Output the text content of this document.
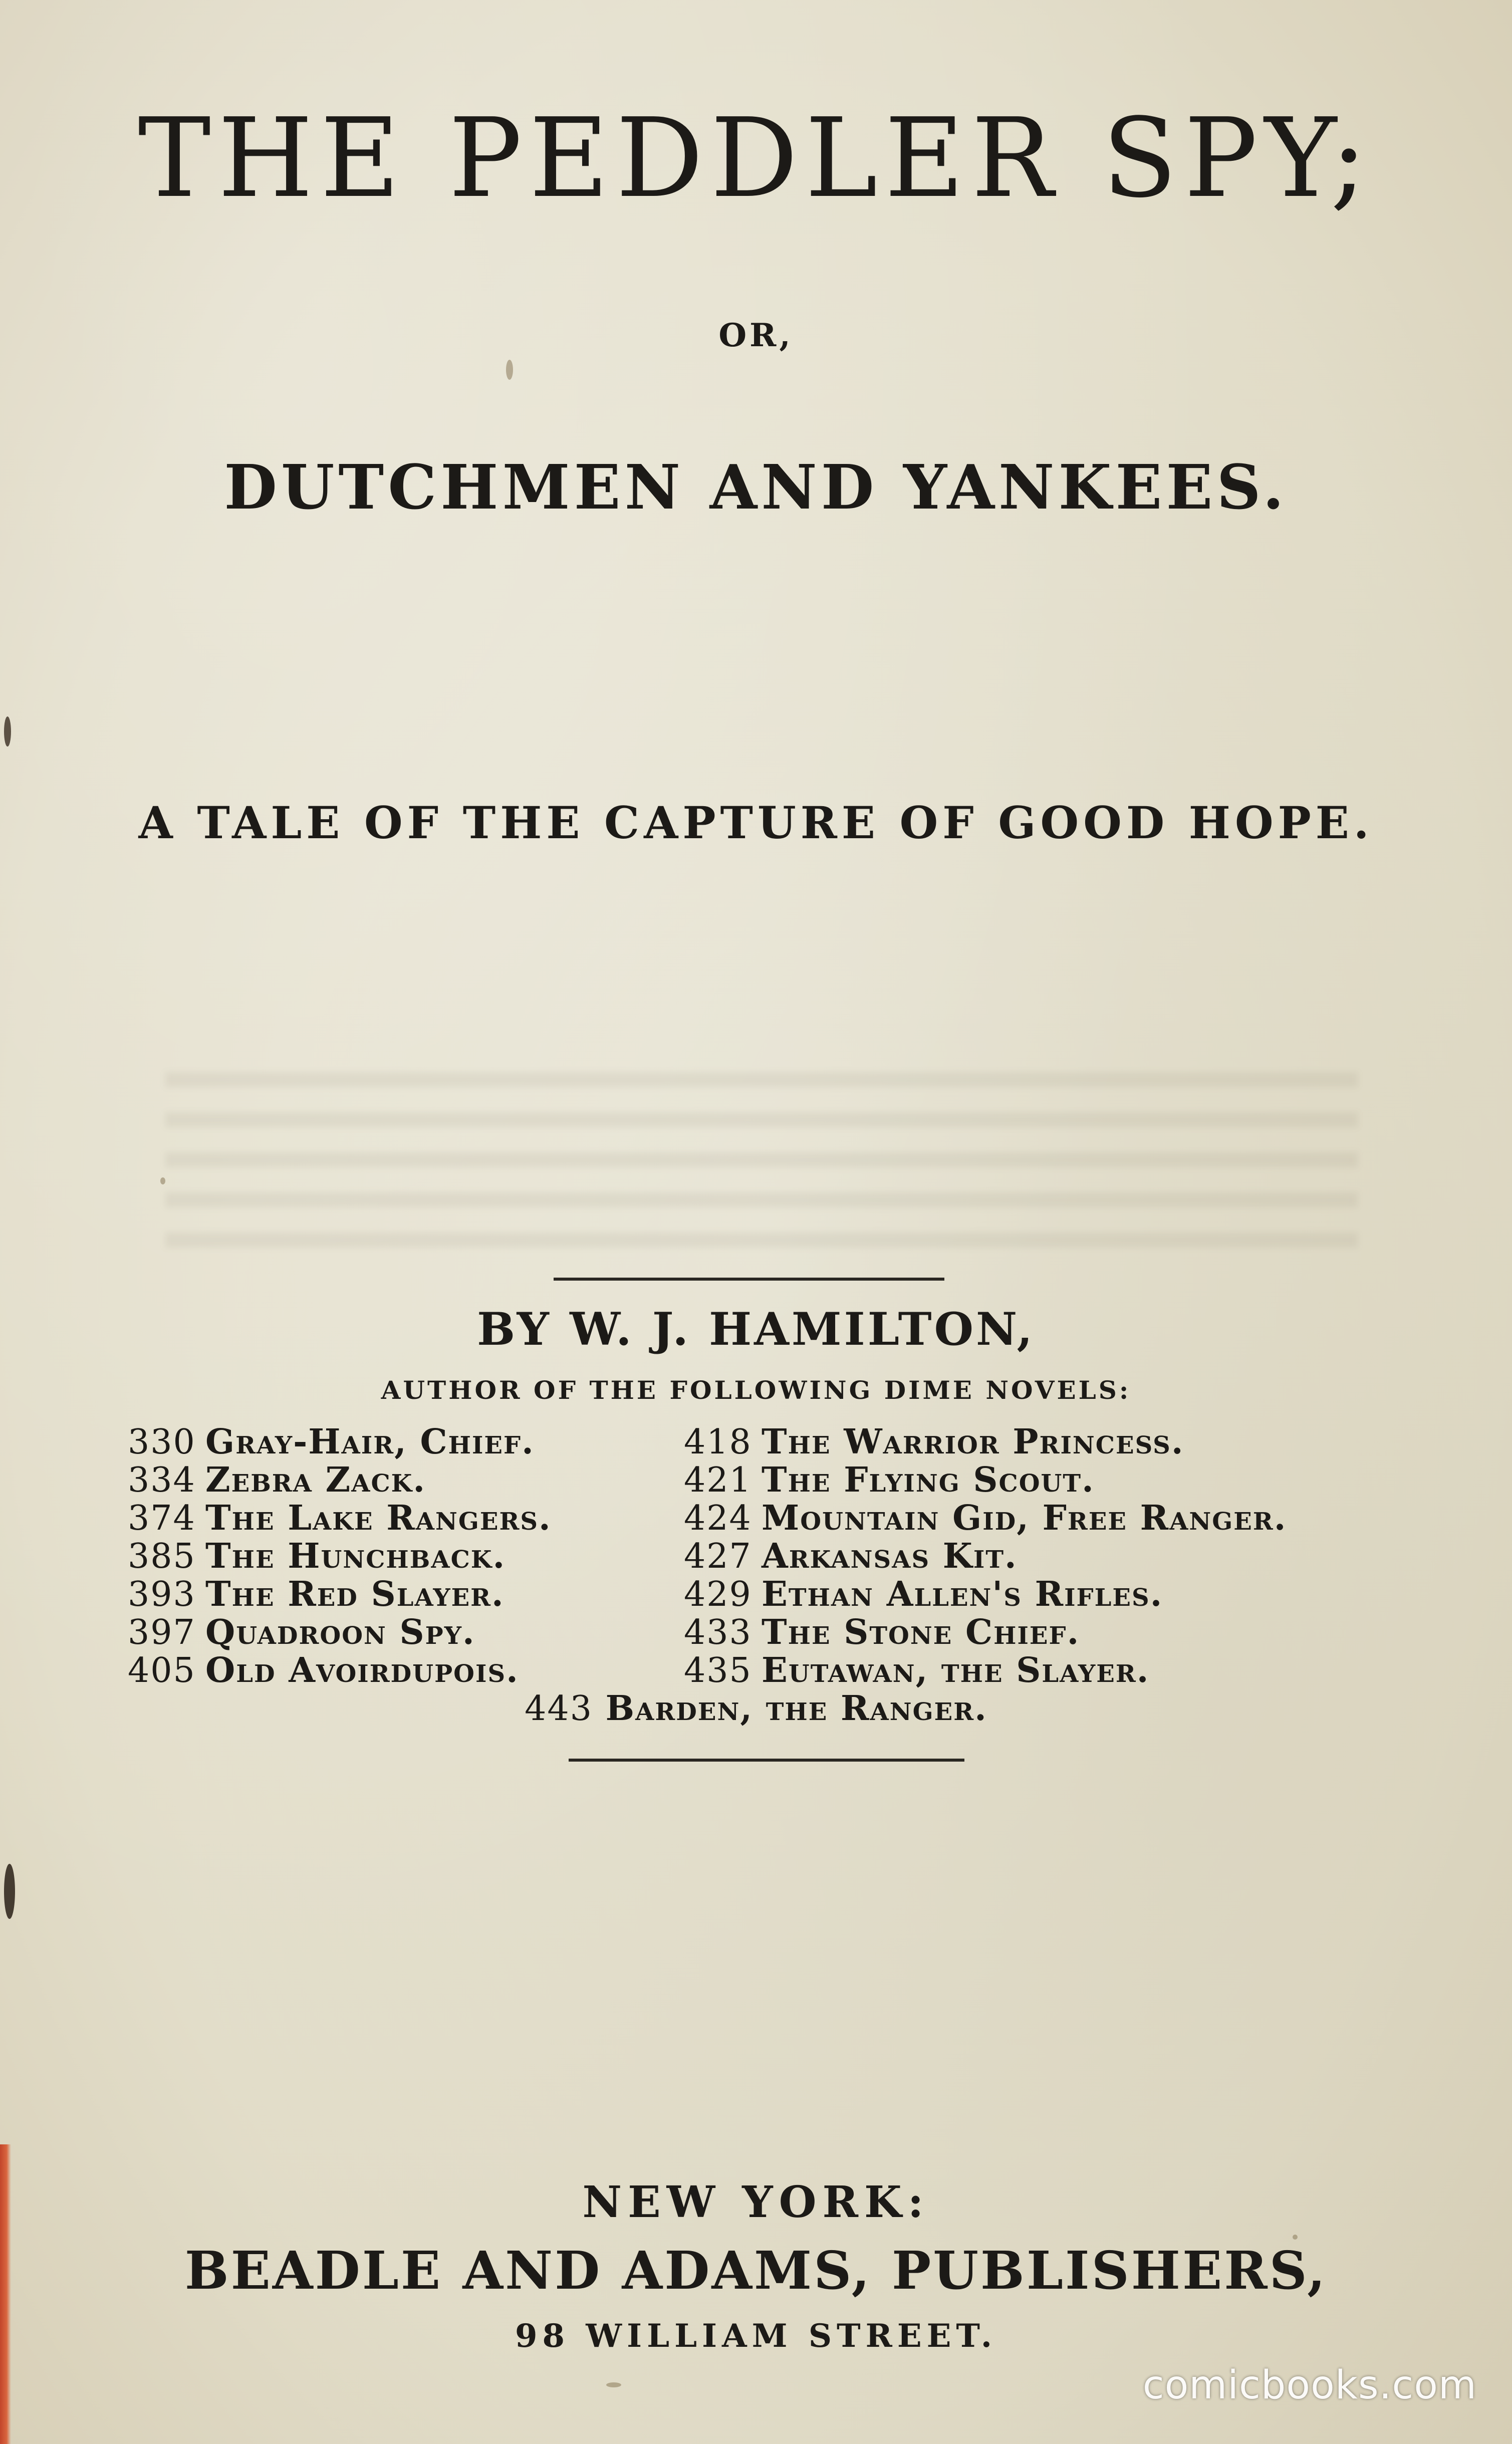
THE PEDDLER SPY;
OR,
DUTCHMEN AND YANKEES.
A TALE OF THE CAPTURE OF GOOD HOPE.
BY W. J. HAMILTON,
AUTHOR OF THE FOLLOWING DIME NOVELS:
330 Gray-Hair, Chief.
334 Zebra Zack.
374 The Lake Rangers.
385 The Hunchback.
393 The Red Slayer.
397 Quadroon Spy.
405 Old Avoirdupois.
418 The Warrior Princess.
421 The Flying Scout.
424 Mountain Gid, Free Ranger.
427 Arkansas Kit.
429 Ethan Allen's Rifles.
433 The Stone Chief.
435 Eutawan, the Slayer.
443 Barden, the Ranger.
NEW YORK:
BEADLE AND ADAMS, PUBLISHERS,
98 WILLIAM STREET.
comicbooks.com
